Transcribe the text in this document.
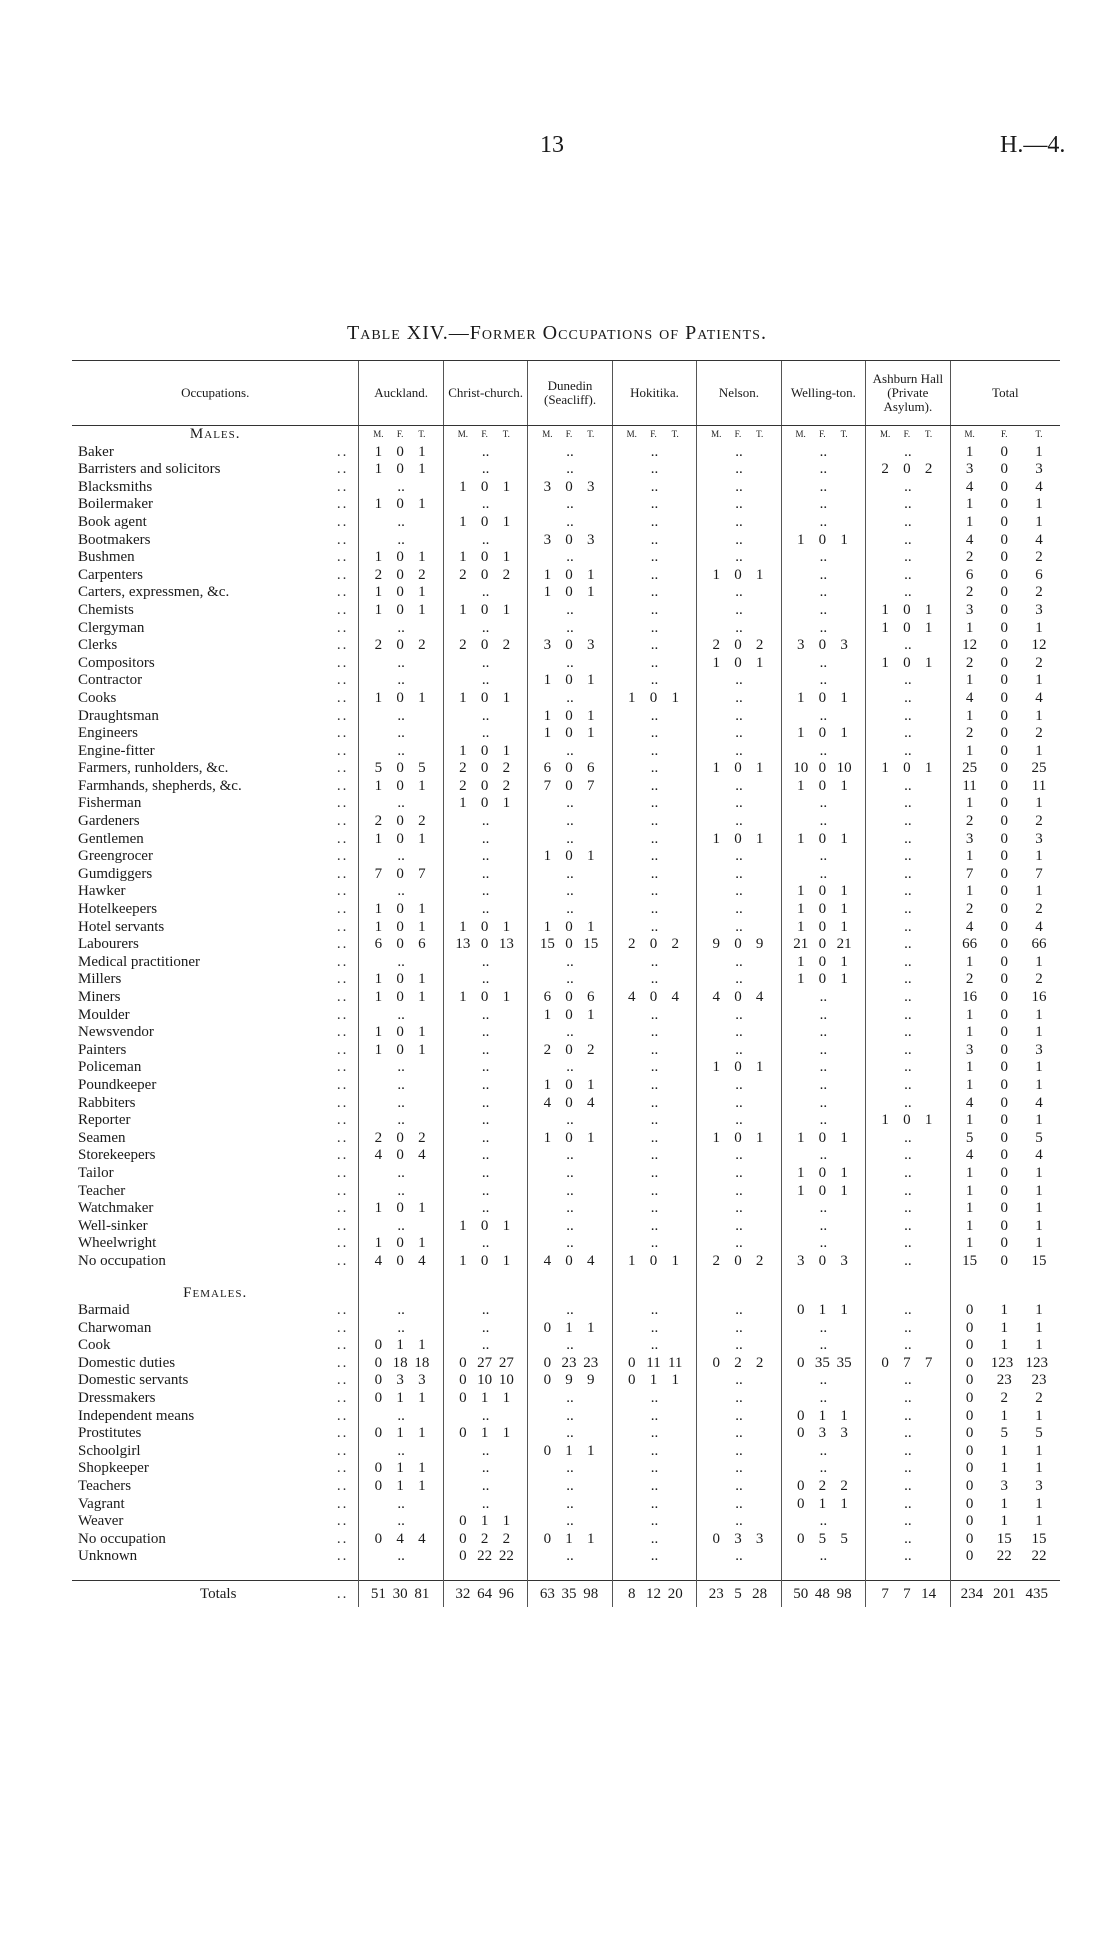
13	H.—4.
Table XIV.—Former Occupations of Patients.
Occupations.	Auckland.	Christ-church.	Dunedin (Seacliff).	Hokitika.	Nelson.	Welling-ton.	Ashburn Hall (Private Asylum).	Total
Males.	M. F. T.	M. F. T.	M. F. T.	M. F. T.	M. F. T.	M. F. T.	M. F. T.	M. F. T.

Baker ..	1 0 1	..	..	..	..	..	..	1 0 1

Barristers and solicitors ..	1 0 1	..	..	..	..	..	2 0 2	3 0 3

Blacksmiths ..	..	1 0 1	3 0 3	..	..	..	..	4 0 4

Boilermaker ..	1 0 1	..	..	..	..	..	..	1 0 1

Book agent ..	..	1 0 1	..	..	..	..	..	1 0 1

Bootmakers ..	..	..	3 0 3	..	..	1 0 1	..	4 0 4

Bushmen ..	1 0 1	1 0 1	..	..	..	..	..	2 0 2

Carpenters ..	2 0 2	2 0 2	1 0 1	..	1 0 1	..	..	6 0 6

Carters, expressmen, &c. ..	1 0 1	..	1 0 1	..	..	..	..	2 0 2

Chemists ..	1 0 1	1 0 1	..	..	..	..	1 0 1	3 0 3

Clergyman ..	..	..	..	..	..	..	1 0 1	1 0 1

Clerks ..	2 0 2	2 0 2	3 0 3	..	2 0 2	3 0 3	..	12 0 12

Compositors ..	..	..	..	..	1 0 1	..	1 0 1	2 0 2

Contractor ..	..	..	1 0 1	..	..	..	..	1 0 1

Cooks ..	1 0 1	1 0 1	..	1 0 1	..	1 0 1	..	4 0 4

Draughtsman ..	..	..	1 0 1	..	..	..	..	1 0 1

Engineers ..	..	..	1 0 1	..	..	1 0 1	..	2 0 2

Engine-fitter ..	..	1 0 1	..	..	..	..	..	1 0 1

Farmers, runholders, &c. ..	5 0 5	2 0 2	6 0 6	..	1 0 1	10 0 10	1 0 1	25 0 25

Farmhands, shepherds, &c. ..	1 0 1	2 0 2	7 0 7	..	..	1 0 1	..	11 0 11

Fisherman ..	..	1 0 1	..	..	..	..	..	1 0 1

Gardeners ..	2 0 2	..	..	..	..	..	..	2 0 2

Gentlemen ..	1 0 1	..	..	..	1 0 1	1 0 1	..	3 0 3

Greengrocer ..	..	..	1 0 1	..	..	..	..	1 0 1

Gumdiggers ..	7 0 7	..	..	..	..	..	..	7 0 7

Hawker ..	..	..	..	..	..	1 0 1	..	1 0 1

Hotelkeepers ..	1 0 1	..	..	..	..	1 0 1	..	2 0 2

Hotel servants ..	1 0 1	1 0 1	1 0 1	..	..	1 0 1	..	4 0 4

Labourers ..	6 0 6	13 0 13	15 0 15	2 0 2	9 0 9	21 0 21	..	66 0 66

Medical practitioner ..	..	..	..	..	..	1 0 1	..	1 0 1

Millers ..	1 0 1	..	..	..	..	1 0 1	..	2 0 2

Miners ..	1 0 1	1 0 1	6 0 6	4 0 4	4 0 4	..	..	16 0 16

Moulder ..	..	..	1 0 1	..	..	..	..	1 0 1

Newsvendor ..	1 0 1	..	..	..	..	..	..	1 0 1

Painters ..	1 0 1	..	2 0 2	..	..	..	..	3 0 3

Policeman ..	..	..	..	..	1 0 1	..	..	1 0 1

Poundkeeper ..	..	..	1 0 1	..	..	..	..	1 0 1

Rabbiters ..	..	..	4 0 4	..	..	..	..	4 0 4

Reporter ..	..	..	..	..	..	..	1 0 1	1 0 1

Seamen ..	2 0 2	..	1 0 1	..	1 0 1	1 0 1	..	5 0 5

Storekeepers ..	4 0 4	..	..	..	..	..	..	4 0 4

Tailor ..	..	..	..	..	..	1 0 1	..	1 0 1

Teacher ..	..	..	..	..	..	1 0 1	..	1 0 1

Watchmaker ..	1 0 1	..	..	..	..	..	..	1 0 1

Well-sinker ..	..	1 0 1	..	..	..	..	..	1 0 1

Wheelwright ..	1 0 1	..	..	..	..	..	..	1 0 1

No occupation ..	4 0 4	1 0 1	4 0 4	1 0 1	2 0 2	3 0 3	..	15 0 15

Females.								
Barmaid ..	..	..	..	..	..	0 1 1	..	0 1 1

Charwoman ..	..	..	0 1 1	..	..	..	..	0 1 1

Cook ..	0 1 1	..	..	..	..	..	..	0 1 1

Domestic duties ..	0 18 18	0 27 27	0 23 23	0 11 11	0 2 2	0 35 35	0 7 7	0 123 123

Domestic servants ..	0 3 3	0 10 10	0 9 9	0 1 1	..	..	..	0 23 23

Dressmakers ..	0 1 1	0 1 1	..	..	..	..	..	0 2 2

Independent means ..	..	..	..	..	..	0 1 1	..	0 1 1

Prostitutes ..	0 1 1	0 1 1	..	..	..	0 3 3	..	0 5 5

Schoolgirl ..	..	..	0 1 1	..	..	..	..	0 1 1

Shopkeeper ..	0 1 1	..	..	..	..	..	..	0 1 1

Teachers ..	0 1 1	..	..	..	..	0 2 2	..	0 3 3

Vagrant ..	..	..	..	..	..	0 1 1	..	0 1 1

Weaver ..	..	0 1 1	..	..	..	..	..	0 1 1

No occupation ..	0 4 4	0 2 2	0 1 1	..	0 3 3	0 5 5	..	0 15 15

Unknown ..	..	0 22 22	..	..	..	..	..	0 22 22

Totals ..	51 30 81	32 64 96	63 35 98	8 12 20	23 5 28	50 48 98	7 7 14	234 201 435
